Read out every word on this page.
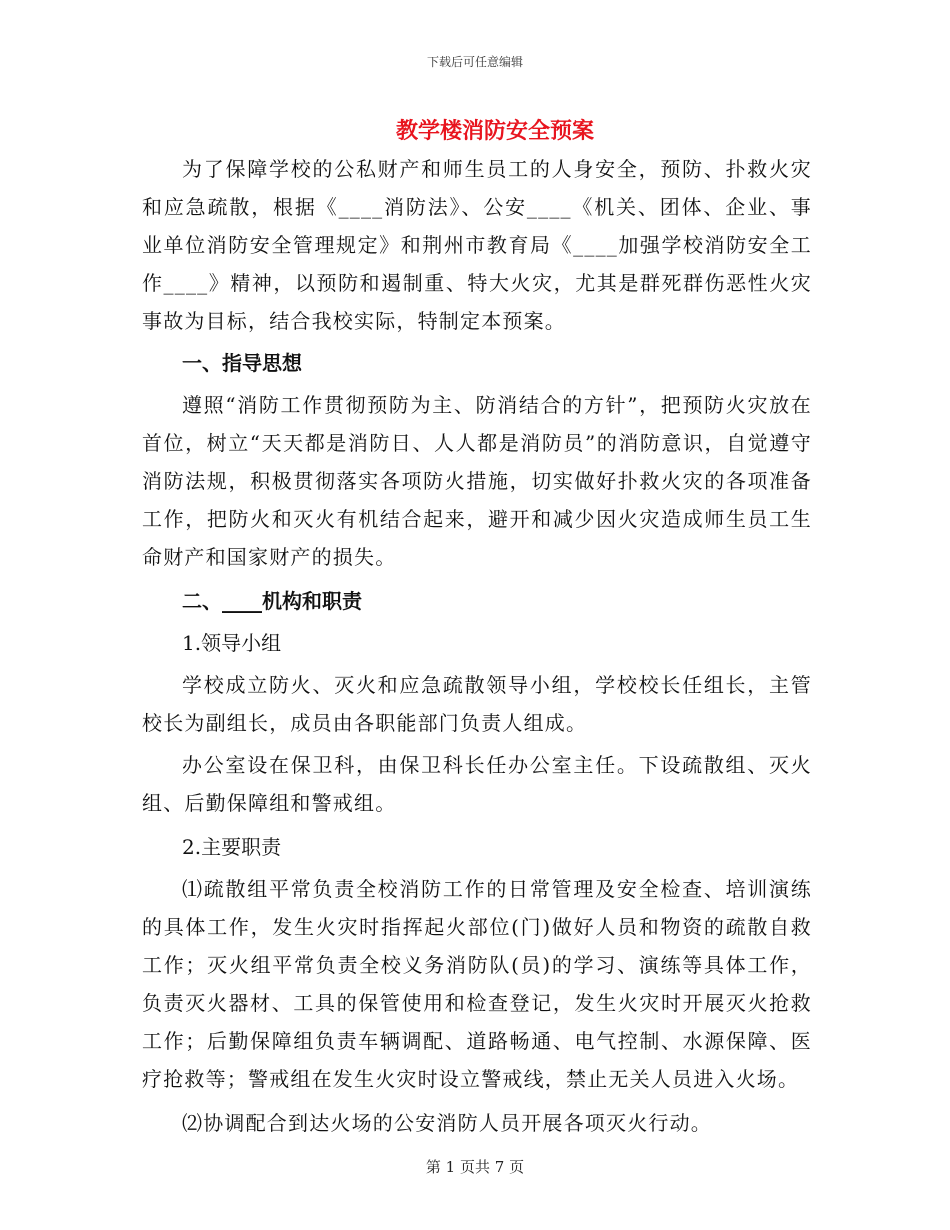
下载后可任意编辑
教学楼消防安全预案

为了保障学校的公私财产和师生员工的人身安全，预防、扑救火灾和应急疏散，根据《____消防法》、公安____《机关、团体、企业、事业单位消防安全管理规定》和荆州市教育局《____加强学校消防安全工作____》精神，以预防和遏制重、特大火灾，尤其是群死群伤恶性火灾事故为目标，结合我校实际，特制定本预案。

一、指导思想

遵照“消防工作贯彻预防为主、防消结合的方针”，把预防火灾放在首位，树立“天天都是消防日、人人都是消防员”的消防意识，自觉遵守消防法规，积极贯彻落实各项防火措施，切实做好扑救火灾的各项准备工作，把防火和灭火有机结合起来，避开和减少因火灾造成师生员工生命财产和国家财产的损失。

二、____机构和职责

1.领导小组

学校成立防火、灭火和应急疏散领导小组，学校校长任组长，主管校长为副组长，成员由各职能部门负责人组成。

办公室设在保卫科，由保卫科长任办公室主任。下设疏散组、灭火组、后勤保障组和警戒组。

2.主要职责

⑴疏散组平常负责全校消防工作的日常管理及安全检查、培训演练的具体工作，发生火灾时指挥起火部位(门)做好人员和物资的疏散自救工作；灭火组平常负责全校义务消防队(员)的学习、演练等具体工作，负责灭火器材、工具的保管使用和检查登记，发生火灾时开展灭火抢救工作；后勤保障组负责车辆调配、道路畅通、电气控制、水源保障、医疗抢救等；警戒组在发生火灾时设立警戒线，禁止无关人员进入火场。

⑵协调配合到达火场的公安消防人员开展各项灭火行动。

第 1 页共 7 页
